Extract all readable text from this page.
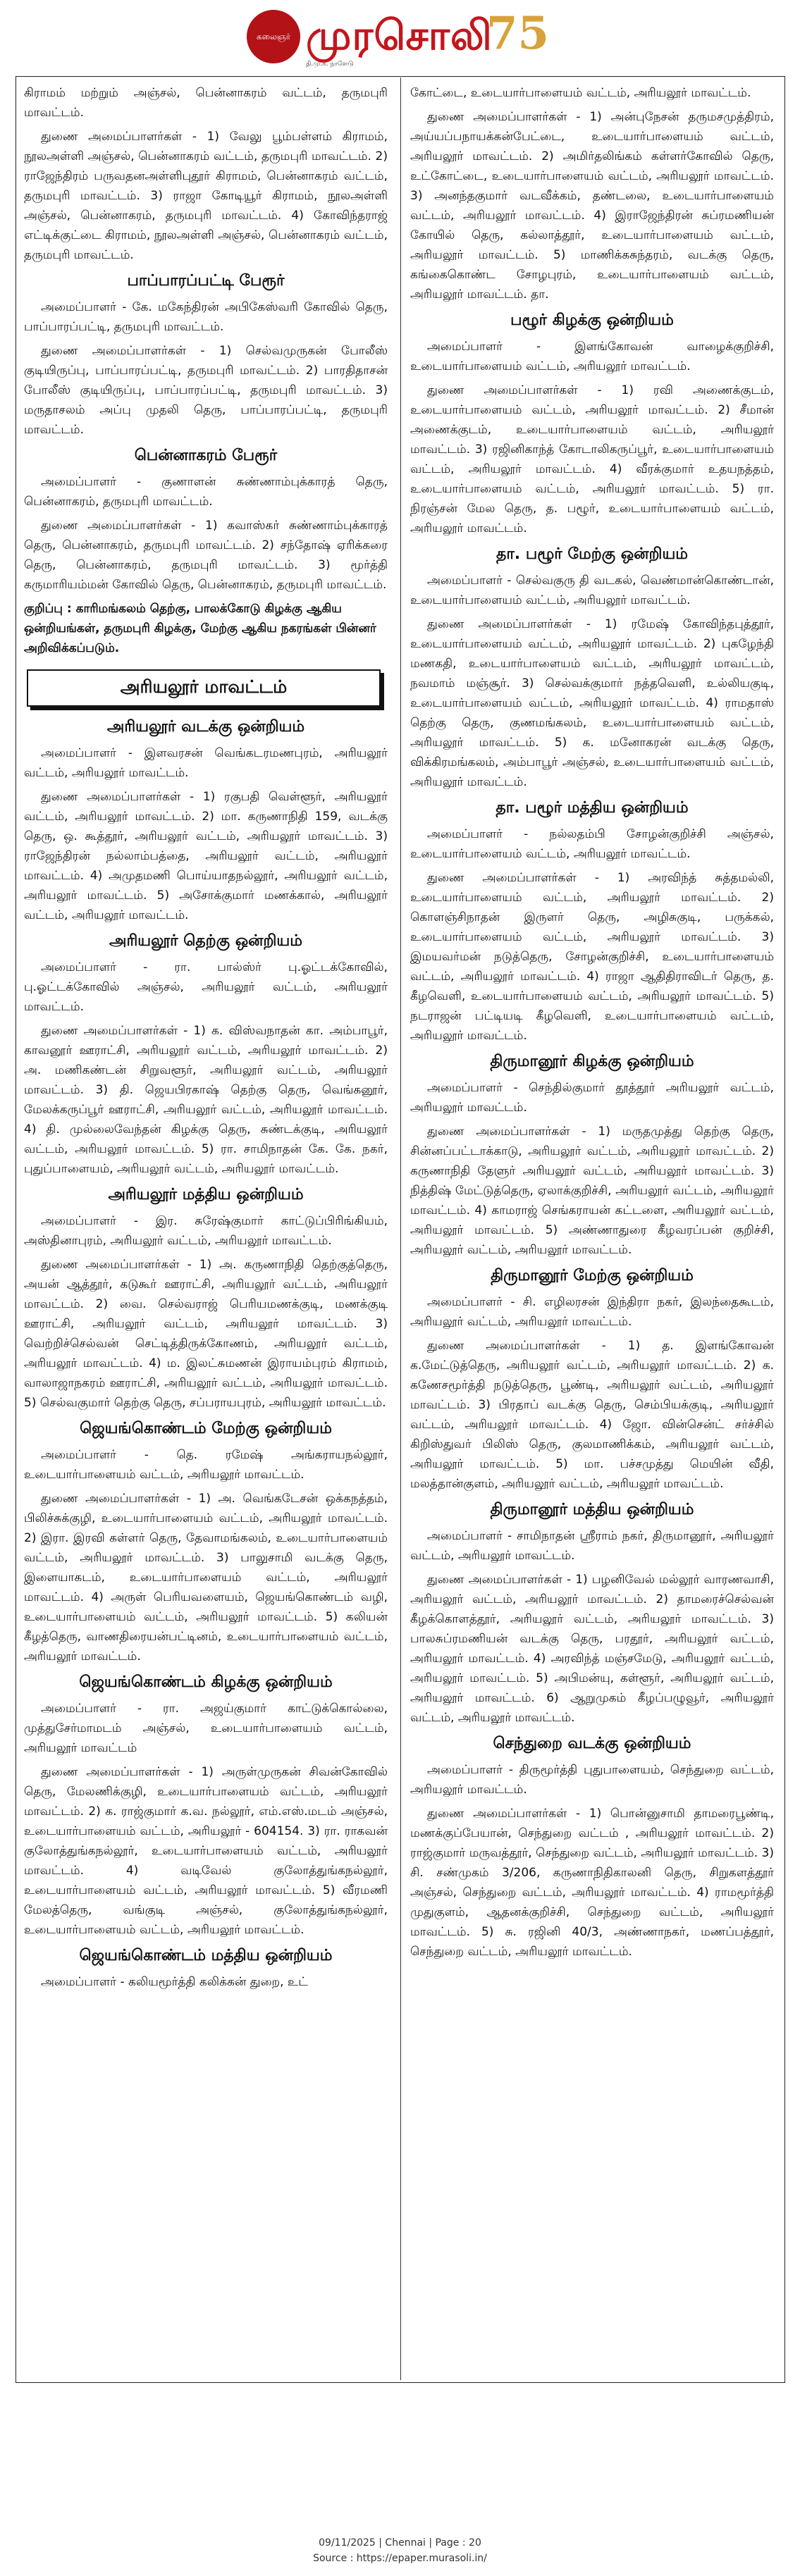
கலைஞர் முரசொலி
75
தி.மு.க. நாளேடு

கிராமம் மற்றும் அஞ்சல், பென்னாகரம் வட்டம், தருமபுரி மாவட்டம்.

துணை அமைப்பாளர்கள் - 1) வேலு பூம்பள்ளம் கிராமம், நூலஅள்ளி அஞ்சல், பென்னாகரம் வட்டம், தருமபுரி மாவட்டம். 2) ராஜேந்திரம் பருவதனஅள்ளிபுதூர் கிராமம், பென்னாகரம் வட்டம், தருமபுரி மாவட்டம். 3) ராஜா கோடியூர் கிராமம், நூலஅள்ளி அஞ்சல், பென்னாகரம், தருமபுரி மாவட்டம். 4) கோவிந்தராஜ் எட்டிக்குட்டை கிராமம், நூலஅள்ளி அஞ்சல், பென்னாகரம் வட்டம், தருமபுரி மாவட்டம்.

பாப்பாரப்பட்டி பேரூர்

அமைப்பாளர் - கே. மகேந்திரன் அபிகேஸ்வரி கோவில் தெரு, பாப்பாரப்பட்டி, தருமபுரி மாவட்டம்.

துணை அமைப்பாளர்கள் - 1) செல்வமுருகன் போலீஸ் குடியிருப்பு, பாப்பாரப்பட்டி, தருமபுரி மாவட்டம். 2) பாரதிதாசன் போலீஸ் குடியிருப்பு, பாப்பாரப்பட்டி, தருமபுரி மாவட்டம். 3) மருதாசலம் அப்பு முதலி தெரு, பாப்பாரப்பட்டி, தருமபுரி மாவட்டம்.

பென்னாகரம் பேரூர்

அமைப்பாளர் - குணாளன் சுண்ணாம்புக்காரத் தெரு, பென்னாகரம், தருமபுரி மாவட்டம்.

துணை அமைப்பாளர்கள் - 1) கவாஸ்கர் சுண்ணாம்புக்காரத் தெரு, பென்னாகரம், தருமபுரி மாவட்டம். 2) சந்தோஷ் ஏரிக்கரை தெரு, பென்னாகரம், தருமபுரி மாவட்டம். 3) மூர்த்தி கருமாரியம்மன் கோவில் தெரு, பென்னாகரம், தருமபுரி மாவட்டம்.

குறிப்பு : காரிமங்கலம் தெற்கு, பாலக்கோடு கிழக்கு ஆகிய ஒன்றியங்கள், தருமபுரி கிழக்கு, மேற்கு ஆகிய நகரங்கள் பின்னர் அறிவிக்கப்படும்.

அரியலூர் மாவட்டம்
அரியலூர் வடக்கு ஒன்றியம்

அமைப்பாளர் - இளவரசன் வெங்கடரமணபுரம், அரியலூர் வட்டம், அரியலூர் மாவட்டம்.

துணை அமைப்பாளர்கள் - 1) ரகுபதி வெள்ளூர், அரியலூர் வட்டம், அரியலூர் மாவட்டம். 2) மா. கருணாநிதி 159, வடக்கு தெரு, ஒ. கூத்தூர், அரியலூர் வட்டம், அரியலூர் மாவட்டம். 3) ராஜேந்திரன் நல்லாம்பத்தை, அரியலூர் வட்டம், அரியலூர் மாவட்டம். 4) அமுதமணி பொய்யாதநல்லூர், அரியலூர் வட்டம், அரியலூர் மாவட்டம். 5) அசோக்குமார் மணக்கால், அரியலூர் வட்டம், அரியலூர் மாவட்டம்.

அரியலூர் தெற்கு ஒன்றியம்

அமைப்பாளர் - ரா. பால்ஸ்ர் பு.ஓட்டக்கோவில், பு.ஓட்டக்கோவில் அஞ்சல், அரியலூர் வட்டம், அரியலூர் மாவட்டம்.

துணை அமைப்பாளர்கள் - 1) க. விஸ்வநாதன் கா. அம்பாபூர், காவனூர் ஊராட்சி, அரியலூர் வட்டம், அரியலூர் மாவட்டம். 2) அ. மணிகண்டன் சிறுவளூர், அரியலூர் வட்டம், அரியலூர் மாவட்டம். 3) தி. ஜெயபிரகாஷ் தெற்கு தெரு, வெங்கனூர், மேலக்கருப்பூர் ஊராட்சி, அரியலூர் வட்டம், அரியலூர் மாவட்டம். 4) தி. முல்லைவேந்தன் கிழக்கு தெரு, சுண்டக்குடி, அரியலூர் வட்டம், அரியலூர் மாவட்டம். 5) ரா. சாமிநாதன் கே. கே. நகர், புதுப்பாளையம், அரியலூர் வட்டம், அரியலூர் மாவட்டம்.

அரியலூர் மத்திய ஒன்றியம்

அமைப்பாளர் - இர. சுரேஷ்குமார் காட்டுப்பிரிங்கியம், அஸ்தினாபுரம், அரியலூர் வட்டம், அரியலூர் மாவட்டம்.

துணை அமைப்பாளர்கள் - 1) அ. கருணாநிதி தெற்குத்தெரு, அயன் ஆத்தூர், கடுகூர் ஊராட்சி, அரியலூர் வட்டம், அரியலூர் மாவட்டம். 2) வை. செல்வராஜ் பெரியமணக்குடி, மணக்குடி ஊராட்சி, அரியலூர் வட்டம், அரியலூர் மாவட்டம். 3) வெற்றிச்செல்வன் செட்டித்திருக்கோணம், அரியலூர் வட்டம், அரியலூர் மாவட்டம். 4) ம. இலட்சுமணன் இராயம்புரம் கிராமம், வாலாஜாநகரம் ஊராட்சி, அரியலூர் வட்டம், அரியலூர் மாவட்டம். 5) செல்வகுமார் தெற்கு தெரு, சப்பராயபுரம், அரியலூர் மாவட்டம்.

ஜெயங்கொண்டம் மேற்கு ஒன்றியம்

அமைப்பாளர் - தெ. ரமேஷ் அங்கராயநல்லூர், உடையார்பாளையம் வட்டம், அரியலூர் மாவட்டம்.

துணை அமைப்பாளர்கள் - 1) அ. வெங்கடேசன் ஒக்கநத்தம், பிலிச்சுக்குழி, உடையார்பாளையம் வட்டம், அரியலூர் மாவட்டம். 2) இரா. இரவி கள்ளர் தெரு, தேவாமங்கலம், உடையார்பாளையம் வட்டம், அரியலூர் மாவட்டம். 3) பாலுசாமி வடக்கு தெரு, இளையாகடம், உடையார்பாளையம் வட்டம், அரியலூர் மாவட்டம். 4) அருள் பெரியவளையம், ஜெயங்கொண்டம் வழி, உடையார்பாளையம் வட்டம், அரியலூர் மாவட்டம். 5) கலியன் கீழத்தெரு, வாணதிரையன்பட்டினம், உடையார்பாளையம் வட்டம், அரியலூர் மாவட்டம்.

ஜெயங்கொண்டம் கிழக்கு ஒன்றியம்

அமைப்பாளர் - ரா. அஜய்குமார் காட்டுக்கொல்லை, முத்துசேர்மாமடம் அஞ்சல், உடையார்பாளையம் வட்டம், அரியலூர் மாவட்டம்

துணை அமைப்பாளர்கள் - 1) அருள்முருகன் சிவன்கோவில் தெரு, மேலணிக்குழி, உடையார்பாளையம் வட்டம், அரியலூர் மாவட்டம். 2) க. ராஜ்குமார் க.வ. நல்லூர், எம்.எஸ்.மடம் அஞ்சல், உடையார்பாளையம் வட்டம், அரியலூர் - 604154. 3) ரா. ராகவன் குலோத்துங்கநல்லூர், உடையார்பாளையம் வட்டம், அரியலூர் மாவட்டம். 4) வடிவேல் குலோத்துங்கநல்லூர், உடையார்பாளையம் வட்டம், அரியலூர் மாவட்டம். 5) வீரமணி மேலத்தெரு, வங்குடி அஞ்சல், குலோத்துங்கநல்லூர், உடையார்பாளையம் வட்டம், அரியலூர் மாவட்டம்.

ஜெயங்கொண்டம் மத்திய ஒன்றியம்

அமைப்பாளர் - கலியமூர்த்தி கலிக்கன் துறை, உட்

கோட்டை, உடையார்பாளையம் வட்டம், அரியலூர் மாவட்டம்.

துணை அமைப்பாளர்கள் - 1) அன்புநேசன் தருமசமுத்திரம், அய்யப்பநாயக்கன்பேட்டை, உடையார்பாளையம் வட்டம், அரியலூர் மாவட்டம். 2) அமிர்தலிங்கம் கள்ளர்கோவில் தெரு, உட்கோட்டை, உடையார்பாளையம் வட்டம், அரியலூர் மாவட்டம். 3) அனந்தகுமார் வடவீக்கம், தண்டலை, உடையார்பாளையம் வட்டம், அரியலூர் மாவட்டம். 4) இராஜேந்திரன் சுப்ரமணியன் கோயில் தெரு, கல்லாத்தூர், உடையார்பாளையம் வட்டம், அரியலூர் மாவட்டம். 5) மாணிக்கசுந்தரம், வடக்கு தெரு, கங்கைகொண்ட சோழபுரம், உடையார்பாளையம் வட்டம், அரியலூர் மாவட்டம். தா.

பழூர் கிழக்கு ஒன்றியம்

அமைப்பாளர் - இளங்கோவன் வாழைக்குறிச்சி, உடையார்பாளையம் வட்டம், அரியலூர் மாவட்டம்.

துணை அமைப்பாளர்கள் - 1) ரவி அணைக்குடம், உடையார்பாளையம் வட்டம், அரியலூர் மாவட்டம். 2) சீமான் அணைக்குடம், உடையார்பாளையம் வட்டம், அரியலூர் மாவட்டம். 3) ரஜினிகாந்த் கோடாலிகருப்பூர், உடையார்பாளையம் வட்டம், அரியலூர் மாவட்டம். 4) வீரக்குமார் உதயநத்தம், உடையார்பாளையம் வட்டம், அரியலூர் மாவட்டம். 5) ரா. நிரஞ்சன் மேல தெரு, த. பழூர், உடையார்பாளையம் வட்டம், அரியலூர் மாவட்டம்.

தா. பழூர் மேற்கு ஒன்றியம்

அமைப்பாளர் - செல்வகுரு தி வடகல், வெண்மான்கொண்டான், உடையார்பாளையம் வட்டம், அரியலூர் மாவட்டம்.

துணை அமைப்பாளர்கள் - 1) ரமேஷ் கோவிந்தபுத்தூர், உடையார்பாளையம் வட்டம், அரியலூர் மாவட்டம். 2) புகழேந்தி மணகதி, உடையார்பாளையம் வட்டம், அரியலூர் மாவட்டம், நவமாம் மஞ்சூர். 3) செல்வக்குமார் நத்தவெளி, உல்லியகுடி, உடையார்பாளையம் வட்டம், அரியலூர் மாவட்டம். 4) ராமதாஸ் தெற்கு தெரு, குணமங்கலம், உடையார்பாளையம் வட்டம், அரியலூர் மாவட்டம். 5) க. மனோகரன் வடக்கு தெரு, விக்கிரமங்கலம், அம்பாபூர் அஞ்சல், உடையார்பாளையம் வட்டம், அரியலூர் மாவட்டம்.

தா. பழூர் மத்திய ஒன்றியம்

அமைப்பாளர் - நல்லதம்பி சோழன்குறிச்சி அஞ்சல், உடையார்பாளையம் வட்டம், அரியலூர் மாவட்டம்.

துணை அமைப்பாளர்கள் - 1) அரவிந்த் சுத்தமல்லி, உடையார்பாளையம் வட்டம், அரியலூர் மாவட்டம். 2) கொளஞ்சிநாதன் இருளர் தெரு, அழிசுகுடி, பருக்கல், உடையார்பாளையம் வட்டம், அரியலூர் மாவட்டம். 3) இமயவர்மன் நடுத்தெரு, சோழன்குறிச்சி, உடையார்பாளையம் வட்டம், அரியலூர் மாவட்டம். 4) ராஜா ஆதிதிராவிடர் தெரு, த. கீழவெளி, உடையார்பாளையம் வட்டம், அரியலூர் மாவட்டம். 5) நடராஜன் பட்டியடி கீழவெளி, உடையார்பாளையம் வட்டம், அரியலூர் மாவட்டம்.

திருமானூர் கிழக்கு ஒன்றியம்

அமைப்பாளர் - செந்தில்குமார் தூத்தூர் அரியலூர் வட்டம், அரியலூர் மாவட்டம்.

துணை அமைப்பாளர்கள் - 1) மருதமுத்து தெற்கு தெரு, சின்னப்பட்டாக்காடு, அரியலூர் வட்டம், அரியலூர் மாவட்டம். 2) கருணாநிதி தேளுர் அரியலூர் வட்டம், அரியலூர் மாவட்டம். 3) நித்திஷ் மேட்டுத்தெரு, ஏலாக்குறிச்சி, அரியலூர் வட்டம், அரியலூர் மாவட்டம். 4) காமராஜ் செங்கராயன் கட்டளை, அரியலூர் வட்டம், அரியலூர் மாவட்டம். 5) அண்ணாதுரை கீழவரப்பன் குறிச்சி, அரியலூர் வட்டம், அரியலூர் மாவட்டம்.

திருமானூர் மேற்கு ஒன்றியம்

அமைப்பாளர் - சி. எழிலரசன் இந்திரா நகர், இலந்தைகூடம், அரியலூர் வட்டம், அரியலூர் மாவட்டம்.

துணை அமைப்பாளர்கள் - 1) த. இளங்கோவன் க.மேட்டுத்தெரு, அரியலூர் வட்டம், அரியலூர் மாவட்டம். 2) க. கணேசமூர்த்தி நடுத்தெரு, பூண்டி, அரியலூர் வட்டம், அரியலூர் மாவட்டம். 3) பிரதாப் வடக்கு தெரு, செம்பியக்குடி, அரியலூர் வட்டம், அரியலூர் மாவட்டம். 4) ஜோ. வின்சென்ட் சர்ச்சில் கிறிஸ்துவர் பிலிஸ் தெரு, குலமாணிக்கம், அரியலூர் வட்டம், அரியலூர் மாவட்டம். 5) மா. பச்சமுத்து மெயின் வீதி, மலத்தான்குளம், அரியலூர் வட்டம், அரியலூர் மாவட்டம்.

திருமானூர் மத்திய ஒன்றியம்

அமைப்பாளர் - சாமிநாதன் ஸ்ரீராம் நகர், திருமானூர், அரியலூர் வட்டம், அரியலூர் மாவட்டம்.

துணை அமைப்பாளர்கள் - 1) பழனிவேல் மல்லூர் வாரணவாசி, அரியலூர் வட்டம், அரியலூர் மாவட்டம். 2) தாமரைச்செல்வன் கீழக்கொளத்தூர், அரியலூர் வட்டம், அரியலூர் மாவட்டம். 3) பாலசுப்ரமணியன் வடக்கு தெரு, பரதூர், அரியலூர் வட்டம், அரியலூர் மாவட்டம். 4) அரவிந்த் மஞ்சமேடு, அரியலூர் வட்டம், அரியலூர் மாவட்டம். 5) அபிமன்யு, கள்ளூர், அரியலூர் வட்டம், அரியலூர் மாவட்டம். 6) ஆறுமுகம் கீழப்பழுவூர், அரியலூர் வட்டம், அரியலூர் மாவட்டம்.

செந்துறை வடக்கு ஒன்றியம்

அமைப்பாளர் - திருமூர்த்தி புதுபாளையம், செந்துறை வட்டம், அரியலூர் மாவட்டம்.

துணை அமைப்பாளர்கள் - 1) பொன்னுசாமி தாமரைபூண்டி, மணக்குப்பேயான், செந்துறை வட்டம் , அரியலூர் மாவட்டம். 2) ராஜ்குமார் மருவத்தூர், செந்துறை வட்டம், அரியலூர் மாவட்டம். 3) சி. சண்முகம் 3/206, கருணாநிதிகாலனி தெரு, சிறுகளத்தூர் அஞ்சல், செந்துறை வட்டம், அரியலூர் மாவட்டம். 4) ராமமூர்த்தி முதுகுளம், ஆதனக்குறிச்சி, செந்துறை வட்டம், அரியலூர் மாவட்டம். 5) சு. ரஜினி 40/3, அண்ணாநகர், மணப்பத்தூர், செந்துறை வட்டம், அரியலூர் மாவட்டம்.

09/11/2025 | Chennai | Page : 20
Source : https://epaper.murasoli.in/
